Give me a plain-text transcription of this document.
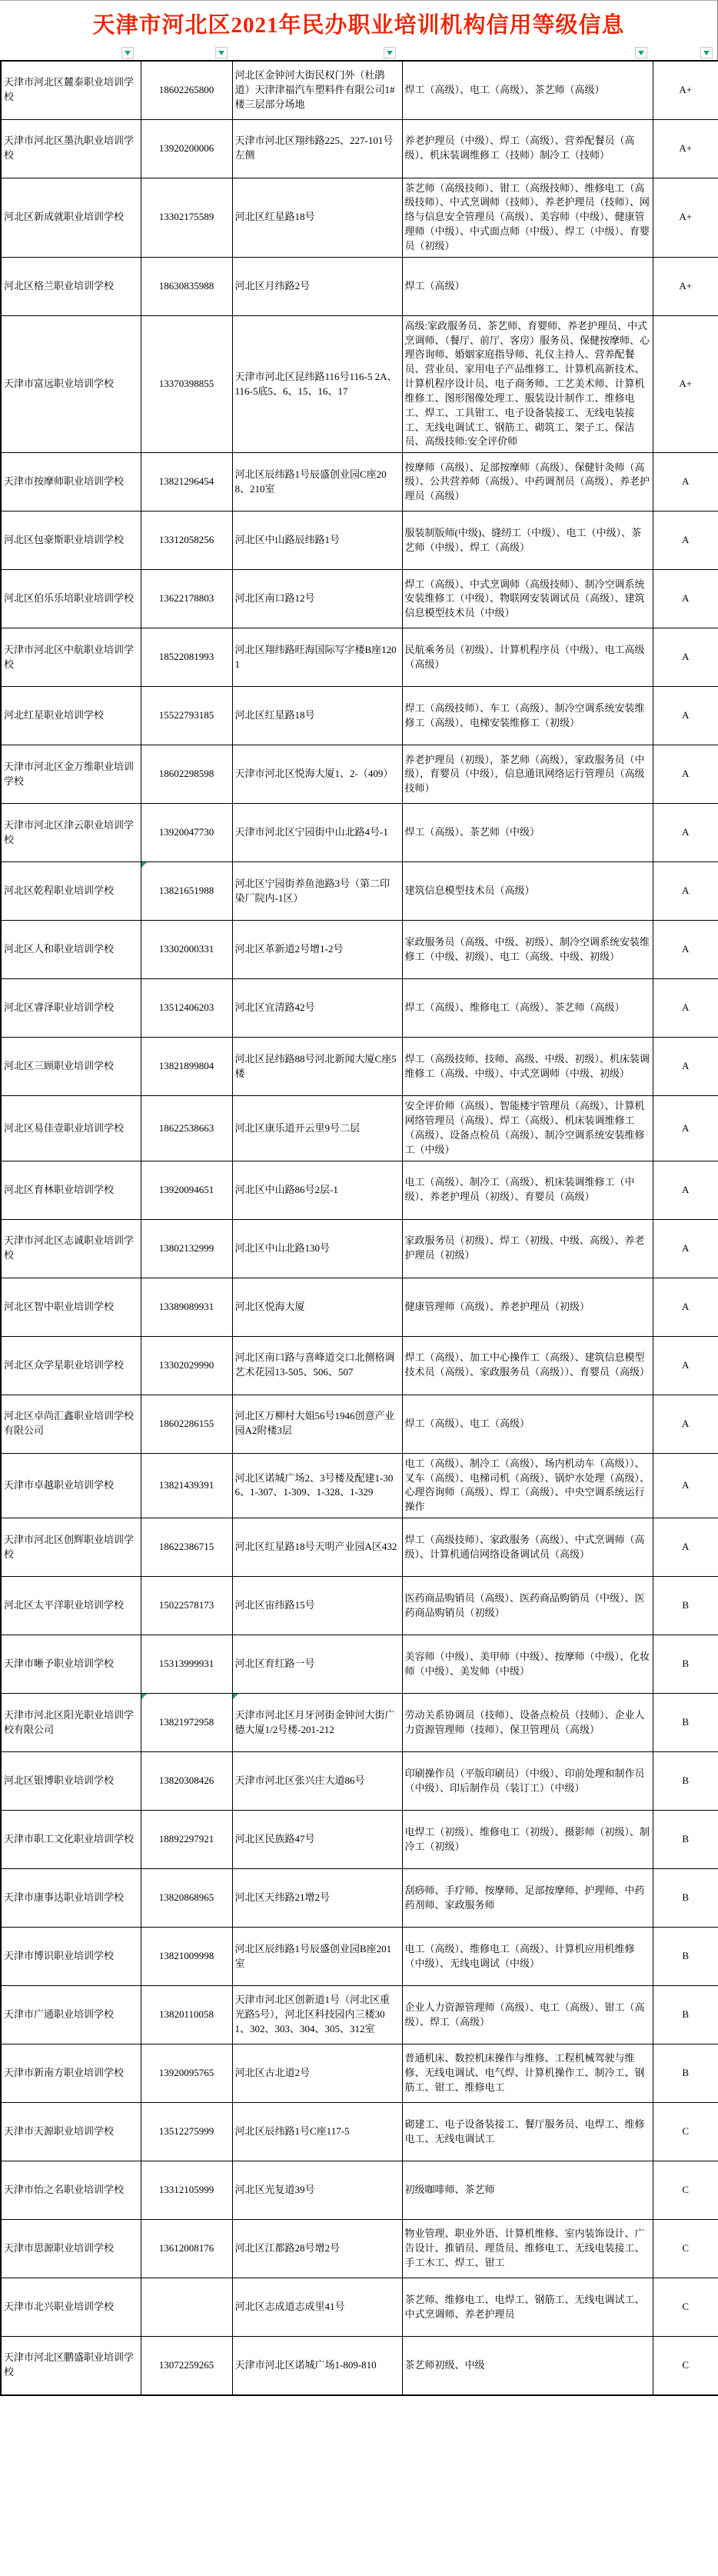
天津市河北区2021年民办职业培训机构信用等级信息
天津市河北区麓泰职业培训学校	18602265800	河北区金钟河大街民权门外（杜鹃道）天津津福汽车塑料件有限公司1#楼三层部分场地	焊工（高级）、电工（高级）、茶艺师（高级）	A+
天津市河北区墨氿职业培训学校	13920200006	天津市河北区翔纬路225、227-101号左侧	养老护理员（中级）、焊工（高级）、营养配餐员（高级）、机床装调维修工（技师）制冷工（技师）	A+
河北区新成就职业培训学校	13302175589	河北区红星路18号	茶艺师（高级技师）、钳工（高级技师）、维修电工（高级技师）、中式烹调师（技师）、养老护理员（技师）、网络与信息安全管理员（高级）、美容师（中级）、健康管理师（中级）、中式面点师（中级）、焊工（中级）、育婴员（初级）	A+
河北区格兰职业培训学校	18630835988	河北区月纬路2号	焊工（高级）	A+
天津市富远职业培训学校	13370398855	天津市河北区昆纬路116号116-5 2A、116-5底5、6、15、16、17	高级:家政服务员、茶艺师、育婴师、养老护理员、中式烹调师、（餐厅、前厅、客房）服务员、保健按摩师、心理咨询师、婚姻家庭指导师、礼仪主持人、营养配餐员、营业员、家用电子产品维修工、计算机高新技术、计算机程序设计员、电子商务师、工艺美术师、计算机维修工、图形图像处理工、服装设计制作工、维修电工、焊工、工具钳工、电子设备装接工、无线电装接工、无线电调试工、钢筋工、砌筑工、架子工、保洁员、高级技师:安全评价师	A+
天津市按摩师职业培训学校	13821296454	河北区辰纬路1号辰盛创业园C座208、210室	按摩师（高级）、足部按摩师（高级）、保健针灸师（高级）、公共营养师（高级）、中药调剂员（高级）、养老护理员（高级）	A
河北区包豪斯职业培训学校	13312058256	河北区中山路辰纬路1号	服装制版师(中级)、缝纫工（中级）、电工（中级）、茶艺师（中级）、焊工（高级）	A
河北区伯乐乐培职业培训学校	13622178803	河北区南口路12号	焊工（高级）、中式烹调师（高级技师）、制冷空调系统安装维修工（中级）、物联网安装调试员（高级）、建筑信息模型技术员（中级）	A
天津市河北区中航职业培训学校	18522081993	河北区翔纬路旺海国际写字楼B座1201	民航乘务员（初级）、计算机程序员（中级）、电工高级（高级）	A
河北红星职业培训学校	15522793185	河北区红星路18号	焊工（高级技师）、车工（高级）、制冷空调系统安装维修工（高级）、电梯安装维修工（初级）	A
天津市河北区金万维职业培训学校	18602298598	天津市河北区悦海大厦1、2-（409）	养老护理员（初级），茶艺师（高级），家政服务员（中级），育婴员（中级），信息通讯网络运行管理员（高级技师）	A
天津市河北区津云职业培训学校	13920047730	天津市河北区宁园街中山北路4号-1	焊工（高级）、茶艺师（中级）	A
河北区乾程职业培训学校	13821651988	河北区宁园街养鱼池路3号（第二印染厂院内-1区）	建筑信息模型技术员（高级）	A
河北区人和职业培训学校	13302000331	河北区革新道2号增1-2号	家政服务员（高级、中级、初级）、制冷空调系统安装维修工（中级、初级）、电工（高级、中级、初级）	A
河北区睿泽职业培训学校	13512406203	河北区宜清路42号	焊工（高级）、维修电工（高级）、茶艺师（高级）	A
河北区三顾职业培训学校	13821899804	河北区昆纬路88号河北新闻大厦C座5楼	焊工（高级技师、技师、高级、中级、初级）、机床装调维修工（高级、中级）、中式烹调师（中级、初级）	A
河北区易佳壹职业培训学校	18622538663	河北区康乐道开云里9号二层	安全评价师（高级）、智能楼宇管理员（高级）、计算机网络管理员（高级）、焊工（高级）、机床装调维修工（高级）、设备点检员（高级）、制冷空调系统安装维修工（中级）	A
河北区育林职业培训学校	13920094651	河北区中山路86号2层-1	电工（高级）、制冷工（高级）、机床装调维修工（中级）、养老护理员（初级）、育婴员（高级）	A
天津市河北区志诚职业培训学校	13802132999	河北区中山北路130号	家政服务员（初级）、焊工（初级、中级、高级）、养老护理员（初级）	A
河北区智中职业培训学校	13389089931	河北区悦海大厦	健康管理师（高级）、养老护理员（初级）	A
河北区众学星职业培训学校	13302029990	河北区南口路与喜峰道交口北侧格调艺术花园13-505、506、507	焊工（高级）、加工中心操作工（高级）、建筑信息模型技术员（高级）、家政服务员（高级））、育婴员（高级）	A
河北区卓尚汇鑫职业培训学校有限公司	18602286155	河北区万柳村大姐56号1946创意产业园A2附楼3层	焊工（高级）、电工（高级）	A
天津市卓越职业培训学校	13821439391	河北区诺城广场2、3号楼及配建1-306、1-307、1-309、1-328、1-329	电工（高级）、制冷工（高级）、场内机动车（高级））、叉车（高级）、电梯司机（高级）、锅炉水处理（高级）、心理咨询师（高级）、焊工（高级）、中央空调系统运行操作	A
天津市河北区创辉职业培训学校	18622386715	河北区红星路18号天明产业园A区432	焊工（高级技师）、家政服务（高级）、中式烹调师（高级）、计算机通信网络设备调试员（高级）	A
河北区太平洋职业培训学校	15022578173	河北区宙纬路15号	医药商品购销员（高级）、医药商品购销员（中级）、医药商品购销员（初级）	B
天津市晰予职业培训学校	15313999931	河北区育红路一号	美容师（中级）、美甲师（中级）、按摩师（中级）、化妆师（中级）、美发师（中级）	B
天津市河北区阳光职业培训学校有限公司	13821972958	天津市河北区月牙河街金钟河大街广德大厦1/2号楼-201-212	劳动关系协调员（技师）、设备点检员（技师）、企业人力资源管理师（技师）、保卫管理员（高级）	B
河北区银博职业培训学校	13820308426	天津市河北区张兴庄大道86号	印刷操作员（平版印刷员）（中级）、印前处理和制作员（中级）、印后制作员（装订工）（中级）	B
天津市职工文化职业培训学校	18892297921	河北区民族路47号	电焊工（初级）、维修电工（初级）、摄影师（初级）、制冷工（初级）	B
天津市康事达职业培训学校	13820868965	河北区天纬路21增2号	刮痧师、手疗师、按摩师、足部按摩师、护理师、中药药剂师、家政服务师	B
天津市博识职业培训学校	13821009998	河北区辰纬路1号辰盛创业园B座201室	电工（高级）、维修电工（高级）、计算机应用机维修（中级）、无线电调试（中级）	B
天津市广通职业培训学校	13820110058	天津市河北区创新道1号（河北区重光路5号），河北区科技园内三楼301、302、303、304、305、312室	企业人力资源管理师（高级）、电工（高级）、钳工（高级）、焊工（高级）	B
天津市新南方职业培训学校	13920095765	河北区古北道2号	普通机床、数控机床操作与维修、工程机械驾驶与维修、无线电调试、电气焊、计算机操作工、制冷工、钢筋工、钳工、维修电工	B
天津市天源职业培训学校	13512275999	河北区辰纬路1号C座117-5	砌建工、电子设备装接工、餐厅服务员、电焊工、维修电工、无线电调试工	C
天津市怡之名职业培训学校	13312105999	河北区光复道39号	初级咖啡师、茶艺师	C
天津市思源职业培训学校	13612008176	河北区江都路28号增2号	物业管理、职业外语、计算机维修、室内装饰设计、广告设计、推销员、理货员、维修电工、无线电装接工、手工木工、焊工、钳工	C
天津市北兴职业培训学校		河北区志成道志成里41号	茶艺师、维修电工、电焊工、钢筋工、无线电调试工、中式烹调师、养老护理员	C
天津市河北区鹏盛职业培训学校	13072259265	天津市河北区诺城广场1-809-810	茶艺师初级、中级	C
